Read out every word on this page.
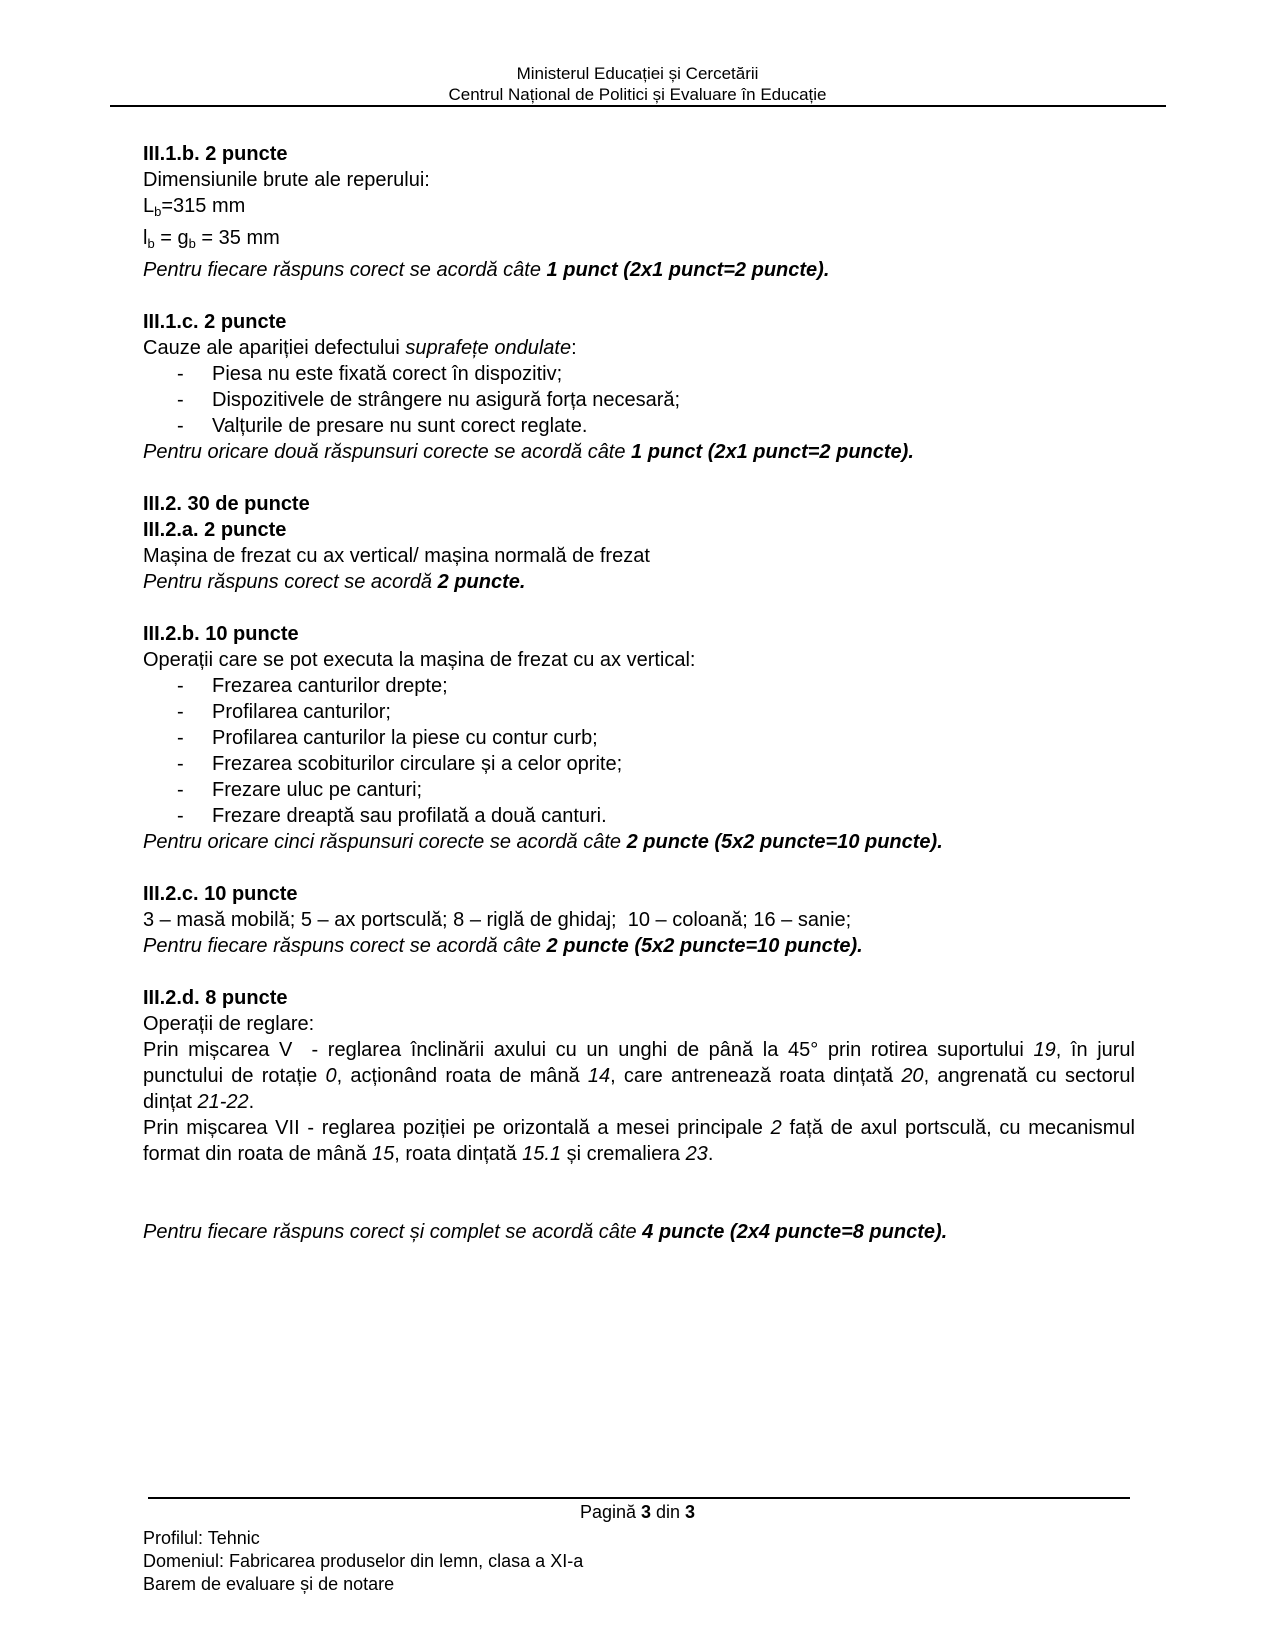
Ministerul Educației și Cercetării
Centrul Național de Politici și Evaluare în Educație
III.1.b. 2 puncte
Dimensiunile brute ale reperului:
$L_b=315$ mm
$l_b = g_b = 35$ mm
Pentru fiecare răspuns corect se acordă câte 1 punct (2x1 punct=2 puncte).
III.1.c. 2 puncte
Cauze ale apariției defectului suprafețe ondulate:
- Piesa nu este fixată corect în dispozitiv;
- Dispozitivele de strângere nu asigură forța necesară;
- Valțurile de presare nu sunt corect reglate.
Pentru oricare două răspunsuri corecte se acordă câte 1 punct (2x1 punct=2 puncte).
III.2. 30 de puncte
III.2.a. 2 puncte
Mașina de frezat cu ax vertical/ mașina normală de frezat
Pentru răspuns corect se acordă 2 puncte.
III.2.b. 10 puncte
Operații care se pot executa la mașina de frezat cu ax vertical:
- Frezarea canturilor drepte;
- Profilarea canturilor;
- Profilarea canturilor la piese cu contur curb;
- Frezarea scobiturilor circulare și a celor oprite;
- Frezare uluc pe canturi;
- Frezare dreaptă sau profilată a două canturi.
Pentru oricare cinci răspunsuri corecte se acordă câte 2 puncte (5x2 puncte=10 puncte).
III.2.c. 10 puncte
3 – masă mobilă; 5 – ax portsculă; 8 – riglă de ghidaj;  10 – coloană; 16 – sanie;
Pentru fiecare răspuns corect se acordă câte 2 puncte (5x2 puncte=10 puncte).
III.2.d. 8 puncte
Operații de reglare:
Prin mișcarea V  - reglarea înclinării axului cu un unghi de până la 45° prin rotirea suportului 19, în jurul punctului de rotație 0, acționând roata de mână 14, care antrenează roata dințată 20, angrenată cu sectorul dințat 21-22.
Prin mișcarea VII - reglarea poziției pe orizontală a mesei principale 2 față de axul portsculă, cu mecanismul format din roata de mână 15, roata dințată 15.1 și cremaliera 23.
Pentru fiecare răspuns corect și complet se acordă câte 4 puncte (2x4 puncte=8 puncte).
Pagină 3 din 3
Profilul: Tehnic
Domeniul: Fabricarea produselor din lemn, clasa a XI-a
Barem de evaluare și de notare
